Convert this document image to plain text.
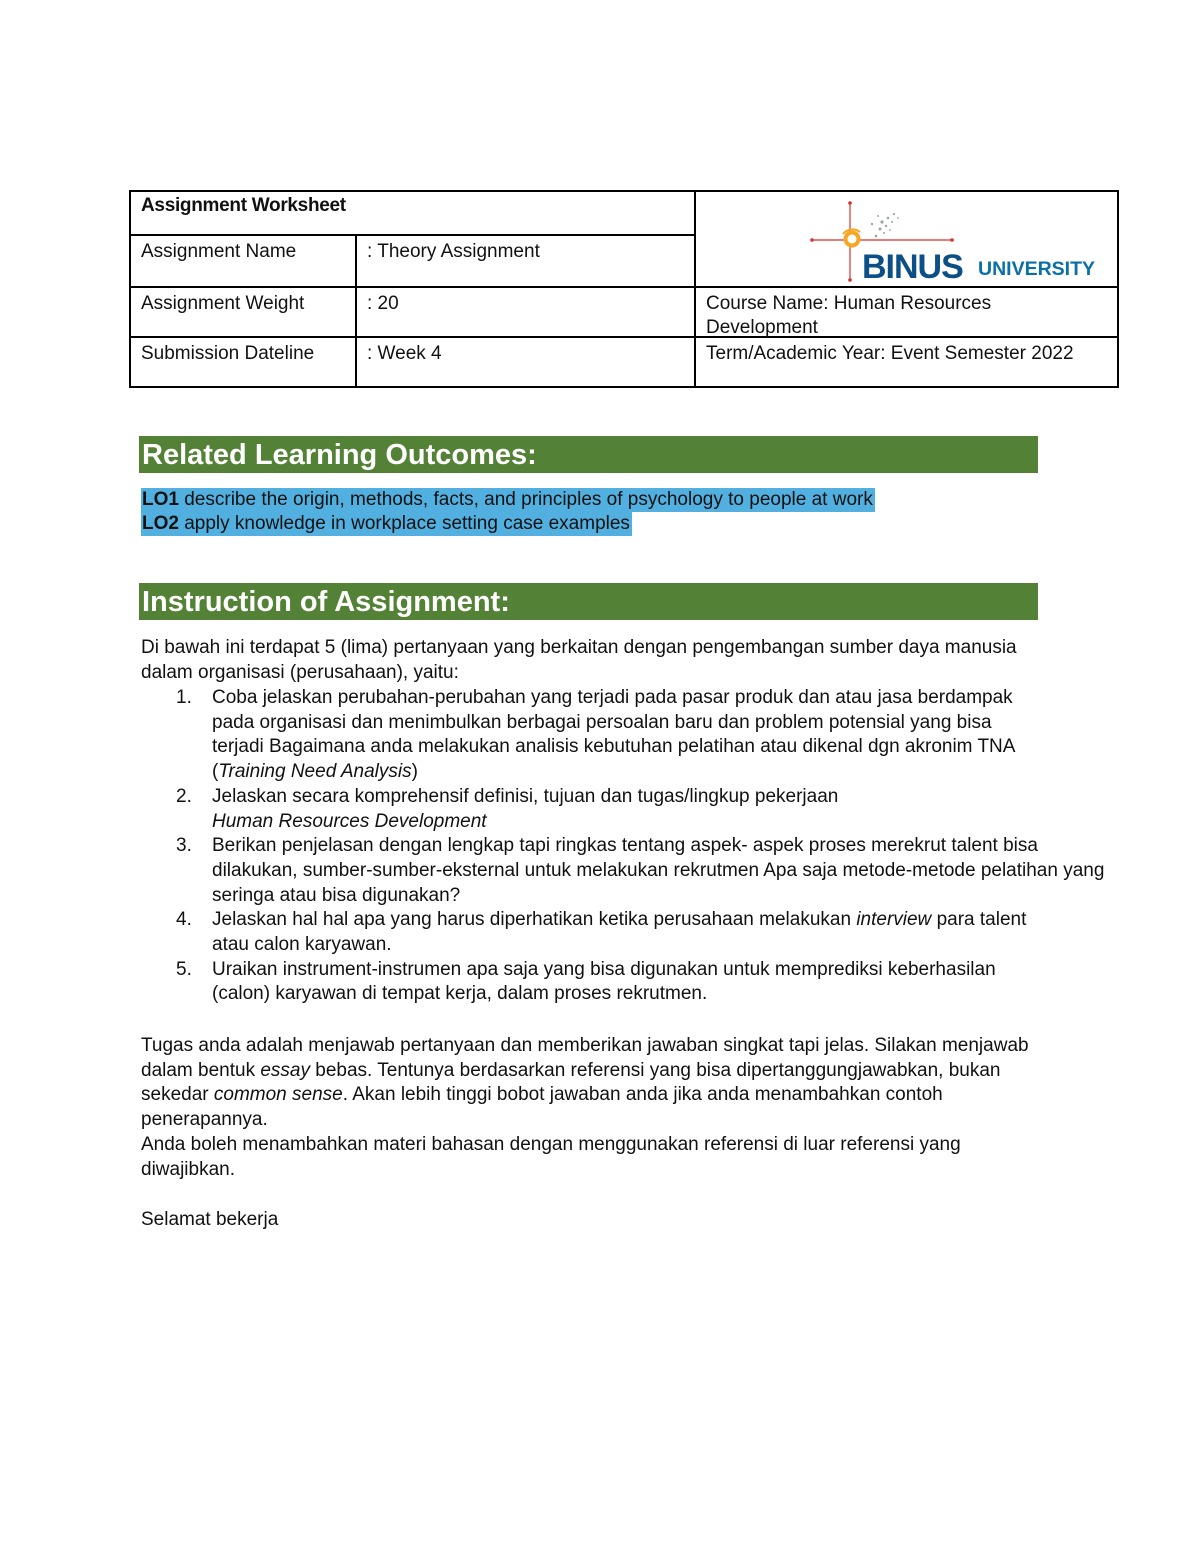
Assignment Worksheet
Assignment Name	: Theory Assignment
Assignment Weight	: 20	Course Name: Human Resources Development
Submission Dateline	: Week 4	Term/Academic Year: Event Semester 2022
BINUS UNIVERSITY
Related Learning Outcomes:
LO1 describe the origin, methods, facts, and principles of psychology to people at work
LO2 apply knowledge in workplace setting case examples
Instruction of Assignment:
Di bawah ini terdapat 5 (lima) pertanyaan yang berkaitan dengan pengembangan sumber daya manusia dalam organisasi (perusahaan), yaitu:
1. Coba jelaskan perubahan-perubahan yang terjadi pada pasar produk dan atau jasa berdampak pada organisasi dan menimbulkan berbagai persoalan baru dan problem potensial yang bisa terjadi Bagaimana anda melakukan analisis kebutuhan pelatihan atau dikenal dgn akronim TNA (Training Need Analysis)
2. Jelaskan secara komprehensif definisi, tujuan dan tugas/lingkup pekerjaan
Human Resources Development
3. Berikan penjelasan dengan lengkap tapi ringkas tentang aspek- aspek proses merekrut talent bisa dilakukan, sumber-sumber-eksternal untuk melakukan rekrutmen Apa saja metode-metode pelatihan yang seringa atau bisa digunakan?
4. Jelaskan hal hal apa yang harus diperhatikan ketika perusahaan melakukan interview para talent atau calon karyawan.
5. Uraikan instrument-instrumen apa saja yang bisa digunakan untuk memprediksi keberhasilan (calon) karyawan di tempat kerja, dalam proses rekrutmen.
Tugas anda adalah menjawab pertanyaan dan memberikan jawaban singkat tapi jelas. Silakan menjawab dalam bentuk essay bebas. Tentunya berdasarkan referensi yang bisa dipertanggungjawabkan, bukan sekedar common sense. Akan lebih tinggi bobot jawaban anda jika anda menambahkan contoh penerapannya.
Anda boleh menambahkan materi bahasan dengan menggunakan referensi di luar referensi yang diwajibkan.
Selamat bekerja
